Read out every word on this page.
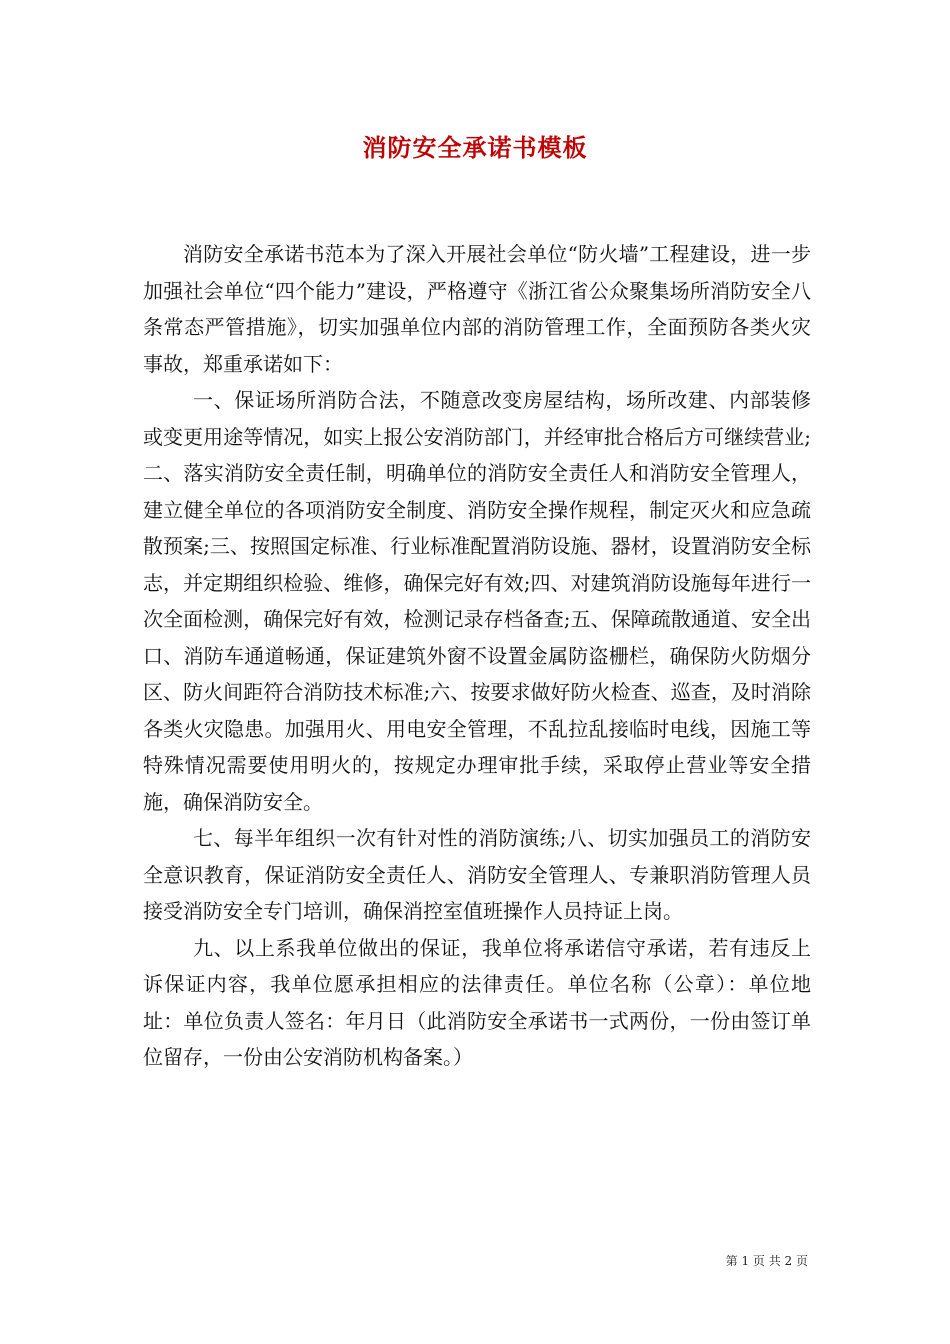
消防安全承诺书模板

消防安全承诺书范本为了深入开展社会单位“防火墙”工程建设，进一步加强社会单位“四个能力”建设，严格遵守《浙江省公众聚集场所消防安全八条常态严管措施》，切实加强单位内部的消防管理工作，全面预防各类火灾事故，郑重承诺如下：

一、保证场所消防合法，不随意改变房屋结构，场所改建、内部装修或变更用途等情况，如实上报公安消防部门，并经审批合格后方可继续营业;二、落实消防安全责任制，明确单位的消防安全责任人和消防安全管理人，建立健全单位的各项消防安全制度、消防安全操作规程，制定灭火和应急疏散预案;三、按照国定标准、行业标准配置消防设施、器材，设置消防安全标志，并定期组织检验、维修，确保完好有效;四、对建筑消防设施每年进行一次全面检测，确保完好有效，检测记录存档备查;五、保障疏散通道、安全出口、消防车通道畅通，保证建筑外窗不设置金属防盗栅栏，确保防火防烟分区、防火间距符合消防技术标准;六、按要求做好防火检查、巡查，及时消除各类火灾隐患。加强用火、用电安全管理，不乱拉乱接临时电线，因施工等特殊情况需要使用明火的，按规定办理审批手续，采取停止营业等安全措施，确保消防安全。

七、每半年组织一次有针对性的消防演练;八、切实加强员工的消防安全意识教育，保证消防安全责任人、消防安全管理人、专兼职消防管理人员接受消防安全专门培训，确保消控室值班操作人员持证上岗。

九、以上系我单位做出的保证，我单位将承诺信守承诺，若有违反上诉保证内容，我单位愿承担相应的法律责任。单位名称（公章）：单位地址：单位负责人签名：年月日（此消防安全承诺书一式两份，一份由签订单位留存，一份由公安消防机构备案。）

第 1 页 共 2 页
